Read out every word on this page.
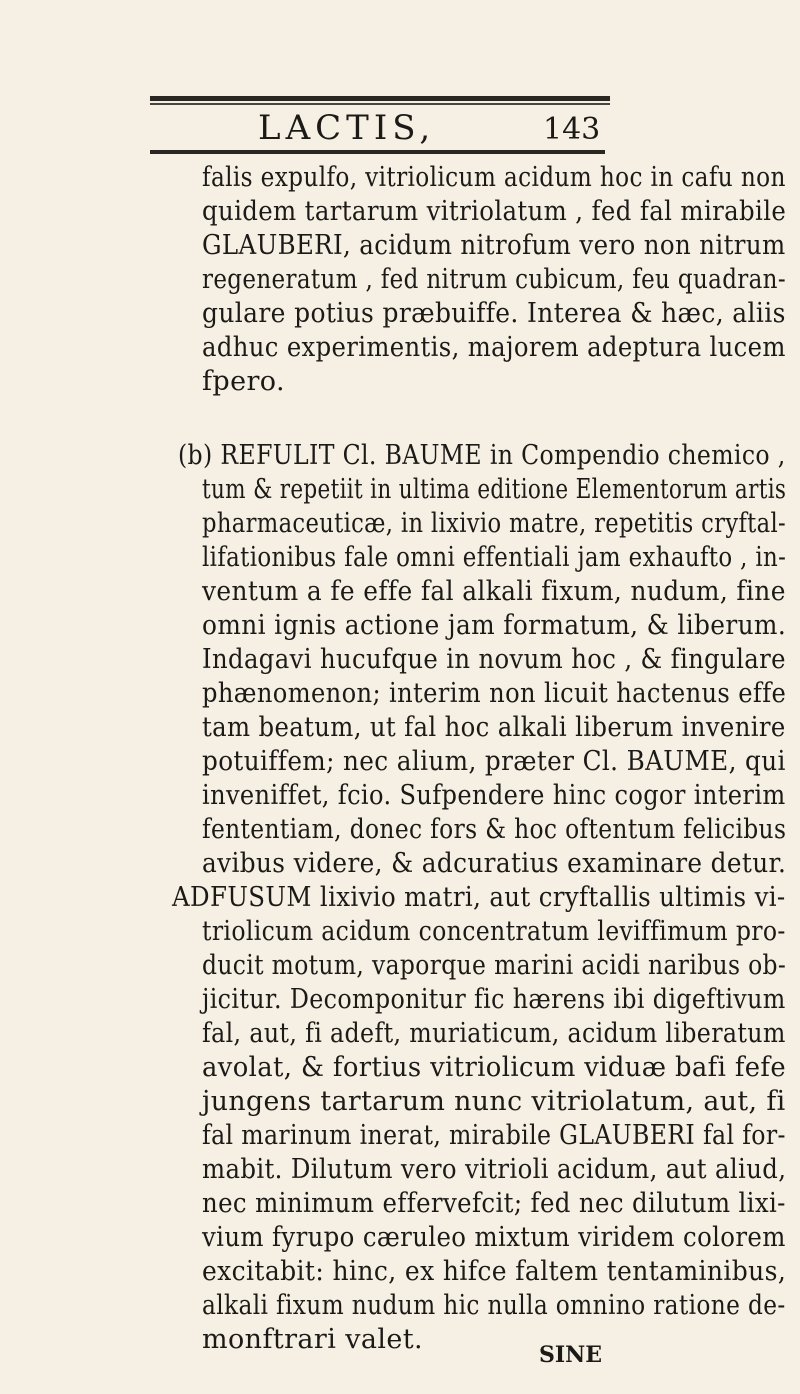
LACTIS,	143
falis expulfo, vitriolicum acidum hoc in cafu non
quidem tartarum vitriolatum , fed fal mirabile
GLAUBERI, acidum nitrofum vero non nitrum
regeneratum , fed nitrum cubicum, feu quadran-
gulare potius præbuiffe. Interea & hæc, aliis
adhuc experimentis, majorem adeptura lucem
fpero.
(b) REFULIT Cl. BAUME in Compendio chemico ,
tum & repetiit in ultima editione Elementorum artis
pharmaceuticæ, in lixivio matre, repetitis cryftal-
lifationibus fale omni effentiali jam exhaufto , in-
ventum a fe effe fal alkali fixum, nudum, fine
omni ignis actione jam formatum, & liberum.
Indagavi hucufque in novum hoc , & fingulare
phænomenon; interim non licuit hactenus effe
tam beatum, ut fal hoc alkali liberum invenire
potuiffem; nec alium, præter Cl. BAUME, qui
inveniffet, fcio. Sufpendere hinc cogor interim
fententiam, donec fors & hoc oftentum felicibus
avibus videre, & adcuratius examinare detur.
ADFUSUM lixivio matri, aut cryftallis ultimis vi-
triolicum acidum concentratum leviffimum pro-
ducit motum, vaporque marini acidi naribus ob-
jicitur. Decomponitur fic hærens ibi digeftivum
fal, aut, fi adeft, muriaticum, acidum liberatum
avolat, & fortius vitriolicum viduæ bafi fefe
jungens tartarum nunc vitriolatum, aut, fi
fal marinum inerat, mirabile GLAUBERI fal for-
mabit. Dilutum vero vitrioli acidum, aut aliud,
nec minimum effervefcit; fed nec dilutum lixi-
vium fyrupo cæruleo mixtum viridem colorem
excitabit: hinc, ex hifce faltem tentaminibus,
alkali fixum nudum hic nulla omnino ratione de-
monftrari valet.	SINE
